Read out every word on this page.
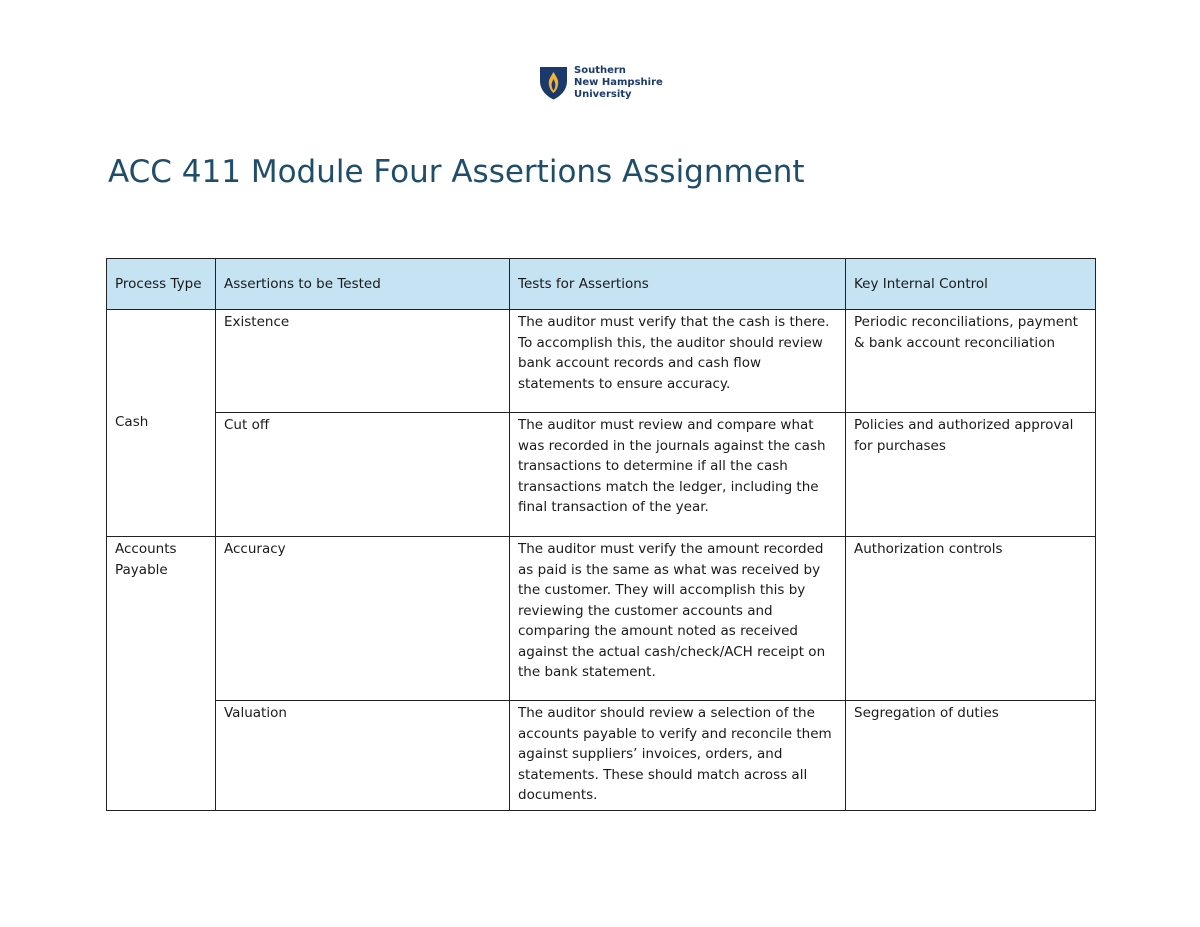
Southern
New Hampshire
University
ACC 411 Module Four Assertions Assignment
Process Type	Assertions to be Tested	Tests for Assertions	Key Internal Control
Cash	Existence	The auditor must verify that the cash is there. To accomplish this, the auditor should review bank account records and cash flow statements to ensure accuracy.	Periodic reconciliations, payment & bank account reconciliation
	Cut off	The auditor must review and compare what was recorded in the journals against the cash transactions to determine if all the cash transactions match the ledger, including the final transaction of the year.	Policies and authorized approval for purchases
Accounts Payable	Accuracy	The auditor must verify the amount recorded as paid is the same as what was received by the customer. They will accomplish this by reviewing the customer accounts and comparing the amount noted as received against the actual cash/check/ACH receipt on the bank statement.	Authorization controls
	Valuation	The auditor should review a selection of the accounts payable to verify and reconcile them against suppliers’ invoices, orders, and statements. These should match across all documents.	Segregation of duties
